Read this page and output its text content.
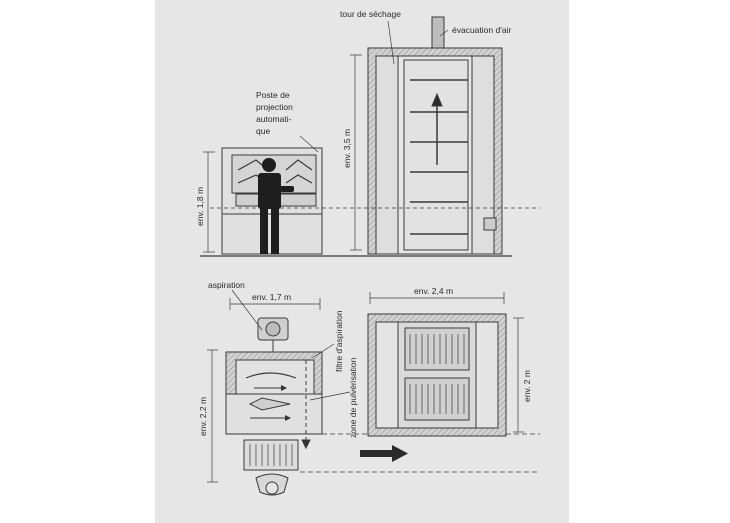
tour de séchage
évacuation d'air
Poste de
projection
automati-
que	env. 3,5 m
env. 1,8 m
aspiration
env. 1,7 m
filtre d'aspiration
zone de pulvérisation
env. 2,2 m
env. 2,4 m
env. 2 m
